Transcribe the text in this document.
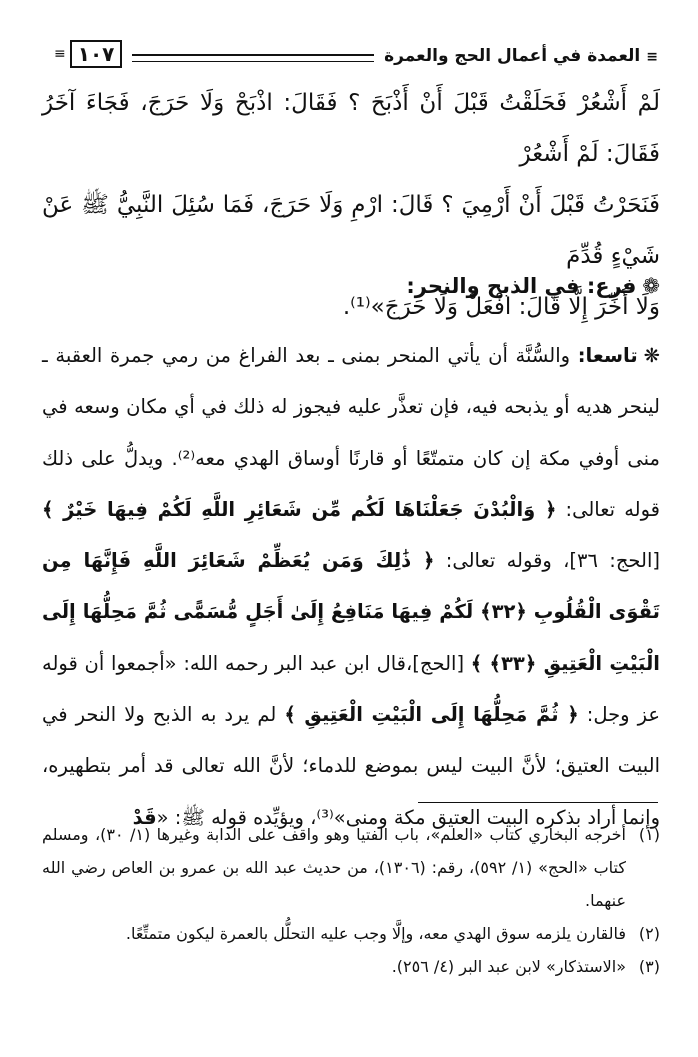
≡العمدة في أعمال الحج والعمرة
١٠٧
≡

لَمْ أَشْعُرْ فَحَلَقْتُ قَبْلَ أَنْ أَذْبَحَ ؟ فَقَالَ: اذْبَحْ وَلَا حَرَجَ، فَجَاءَ آخَرُ فَقَالَ: لَمْ أَشْعُرْ

فَنَحَرْتُ قَبْلَ أَنْ أَرْمِيَ ؟ قَالَ: ارْمِ وَلَا حَرَجَ، فَمَا سُئِلَ النَّبِيُّ ﷺ عَنْ شَيْءٍ قُدِّمَ

وَلَا أُخِّرَ إِلَّا قَالَ: افْعَلْ وَلَا حَرَجَ»⁽¹⁾.

❁فرع: في الذبح والنحر:

❋تاسعا: والسُّنَّة أن يأتي المنحر بمنى ـ بعد الفراغ من رمي جمرة العقبة ـ لينحر هديه أو يذبحه فيه، فإن تعذَّر عليه فيجوز له ذلك في أي مكان وسعه في منى أوفي مكة إن كان متمتّعًا أو قارنًا أوساق الهدي معه⁽²⁾. ويدلُّ على ذلك قوله تعالى: ﴿ وَالْبُدْنَ جَعَلْنَاهَا لَكُم مِّن شَعَائِرِ اللَّهِ لَكُمْ فِيهَا خَيْرٌ ﴾ [الحج: ٣٦]، وقوله تعالى: ﴿ ذَٰلِكَ وَمَن يُعَظِّمْ شَعَائِرَ اللَّهِ فَإِنَّهَا مِن تَقْوَى الْقُلُوبِ ﴿٣٢﴾ لَكُمْ فِيهَا مَنَافِعُ إِلَىٰ أَجَلٍ مُّسَمًّى ثُمَّ مَحِلُّهَا إِلَى الْبَيْتِ الْعَتِيقِ ﴿٣٣﴾ ﴾ [الحج]،قال ابن عبد البر رحمه الله: «أجمعوا أن قوله عز وجل: ﴿ ثُمَّ مَحِلُّهَا إِلَى الْبَيْتِ الْعَتِيقِ ﴾ لم يرد به الذبح ولا النحر في البيت العتيق؛ لأنَّ البيت ليس بموضع للدماء؛ لأنَّ الله تعالى قد أمر بتطهيره، وإنما أراد بذكره البيت العتيق مكة ومنى»⁽³⁾، ويؤيِّده قوله ﷺ: «قَدْ

(١)
أخرجه البخاري كتاب «العلم»، باب الفتيا وهو واقف على الدابة وغيرها (١/ ٣٠)، ومسلم كتاب «الحج» (١/ ٥٩٢)، رقم: (١٣٠٦)، من حديث عبد الله بن عمرو بن العاص رضي الله عنهما.
(٢)
فالقارن يلزمه سوق الهدي معه، وإلَّا وجب عليه التحلُّل بالعمرة ليكون متمتِّعًا.
(٣)
«الاستذكار» لابن عبد البر (٤/ ٢٥٦).
